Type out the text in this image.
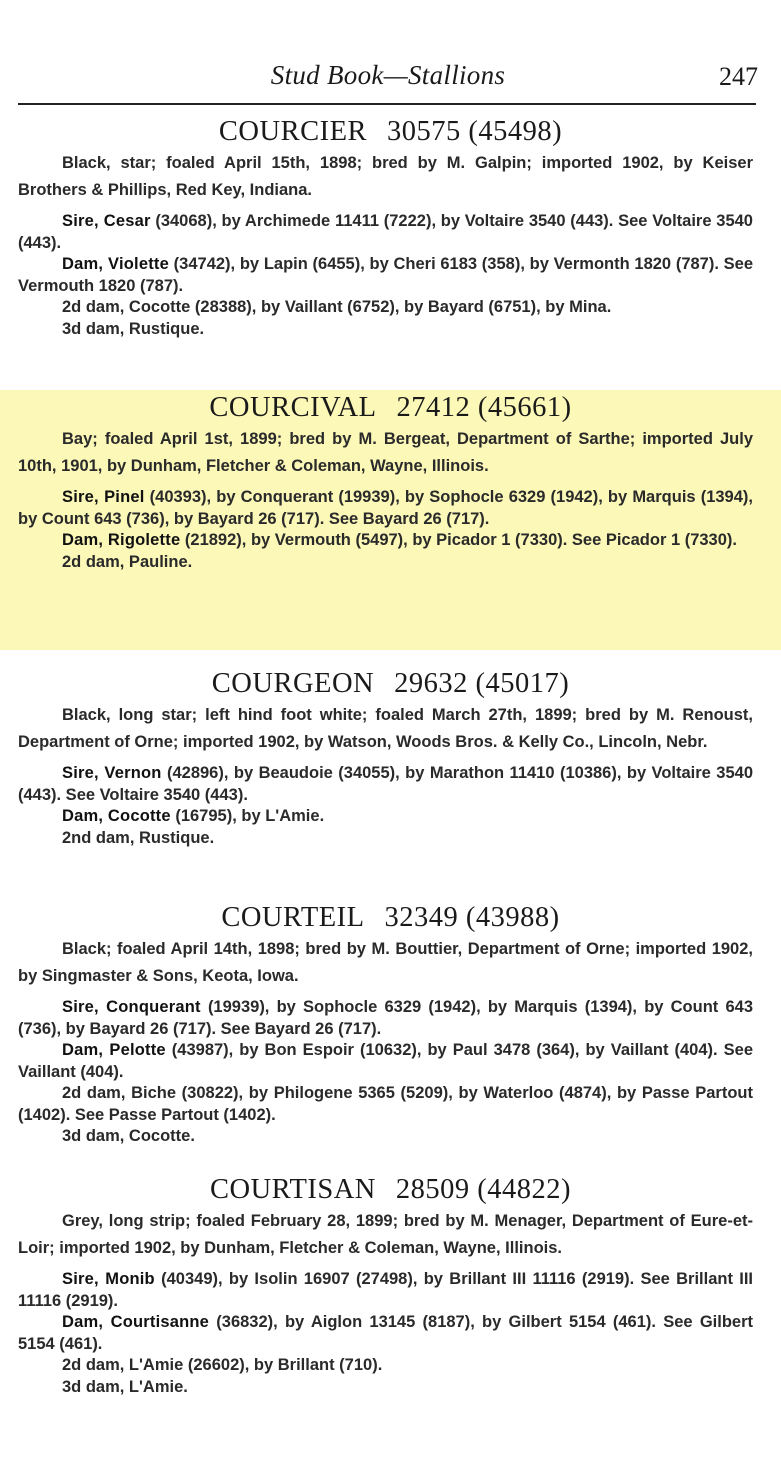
Stud Book—Stallions	247
COURCIER 30575 (45498)
Black, star; foaled April 15th, 1898; bred by M. Galpin; imported 1902, by Keiser Brothers & Phillips, Red Key, Indiana.

Sire, Cesar (34068), by Archimede 11411 (7222), by Voltaire 3540 (443). See Voltaire 3540 (443).

Dam, Violette (34742), by Lapin (6455), by Cheri 6183 (358), by Vermonth 1820 (787). See Vermouth 1820 (787).

2d dam, Cocotte (28388), by Vaillant (6752), by Bayard (6751), by Mina.

3d dam, Rustique.

COURCIVAL 27412 (45661)
Bay; foaled April 1st, 1899; bred by M. Bergeat, Department of Sarthe; imported July 10th, 1901, by Dunham, Fletcher & Coleman, Wayne, Illinois.

Sire, Pinel (40393), by Conquerant (19939), by Sophocle 6329 (1942), by Marquis (1394), by Count 643 (736), by Bayard 26 (717). See Bayard 26 (717).

Dam, Rigolette (21892), by Vermouth (5497), by Picador 1 (7330). See Picador 1 (7330).

2d dam, Pauline.

COURGEON 29632 (45017)
Black, long star; left hind foot white; foaled March 27th, 1899; bred by M. Renoust, Department of Orne; imported 1902, by Watson, Woods Bros. & Kelly Co., Lincoln, Nebr.

Sire, Vernon (42896), by Beaudoie (34055), by Marathon 11410 (10386), by Voltaire 3540 (443). See Voltaire 3540 (443).

Dam, Cocotte (16795), by L'Amie.

2nd dam, Rustique.

COURTEIL 32349 (43988)
Black; foaled April 14th, 1898; bred by M. Bouttier, Department of Orne; imported 1902, by Singmaster & Sons, Keota, Iowa.

Sire, Conquerant (19939), by Sophocle 6329 (1942), by Marquis (1394), by Count 643 (736), by Bayard 26 (717). See Bayard 26 (717).

Dam, Pelotte (43987), by Bon Espoir (10632), by Paul 3478 (364), by Vaillant (404). See Vaillant (404).

2d dam, Biche (30822), by Philogene 5365 (5209), by Waterloo (4874), by Passe Partout (1402). See Passe Partout (1402).

3d dam, Cocotte.

COURTISAN 28509 (44822)
Grey, long strip; foaled February 28, 1899; bred by M. Menager, Department of Eure-et-Loir; imported 1902, by Dunham, Fletcher & Coleman, Wayne, Illinois.

Sire, Monib (40349), by Isolin 16907 (27498), by Brillant III 11116 (2919). See Brillant III 11116 (2919).

Dam, Courtisanne (36832), by Aiglon 13145 (8187), by Gilbert 5154 (461). See Gilbert 5154 (461).

2d dam, L'Amie (26602), by Brillant (710).

3d dam, L'Amie.
